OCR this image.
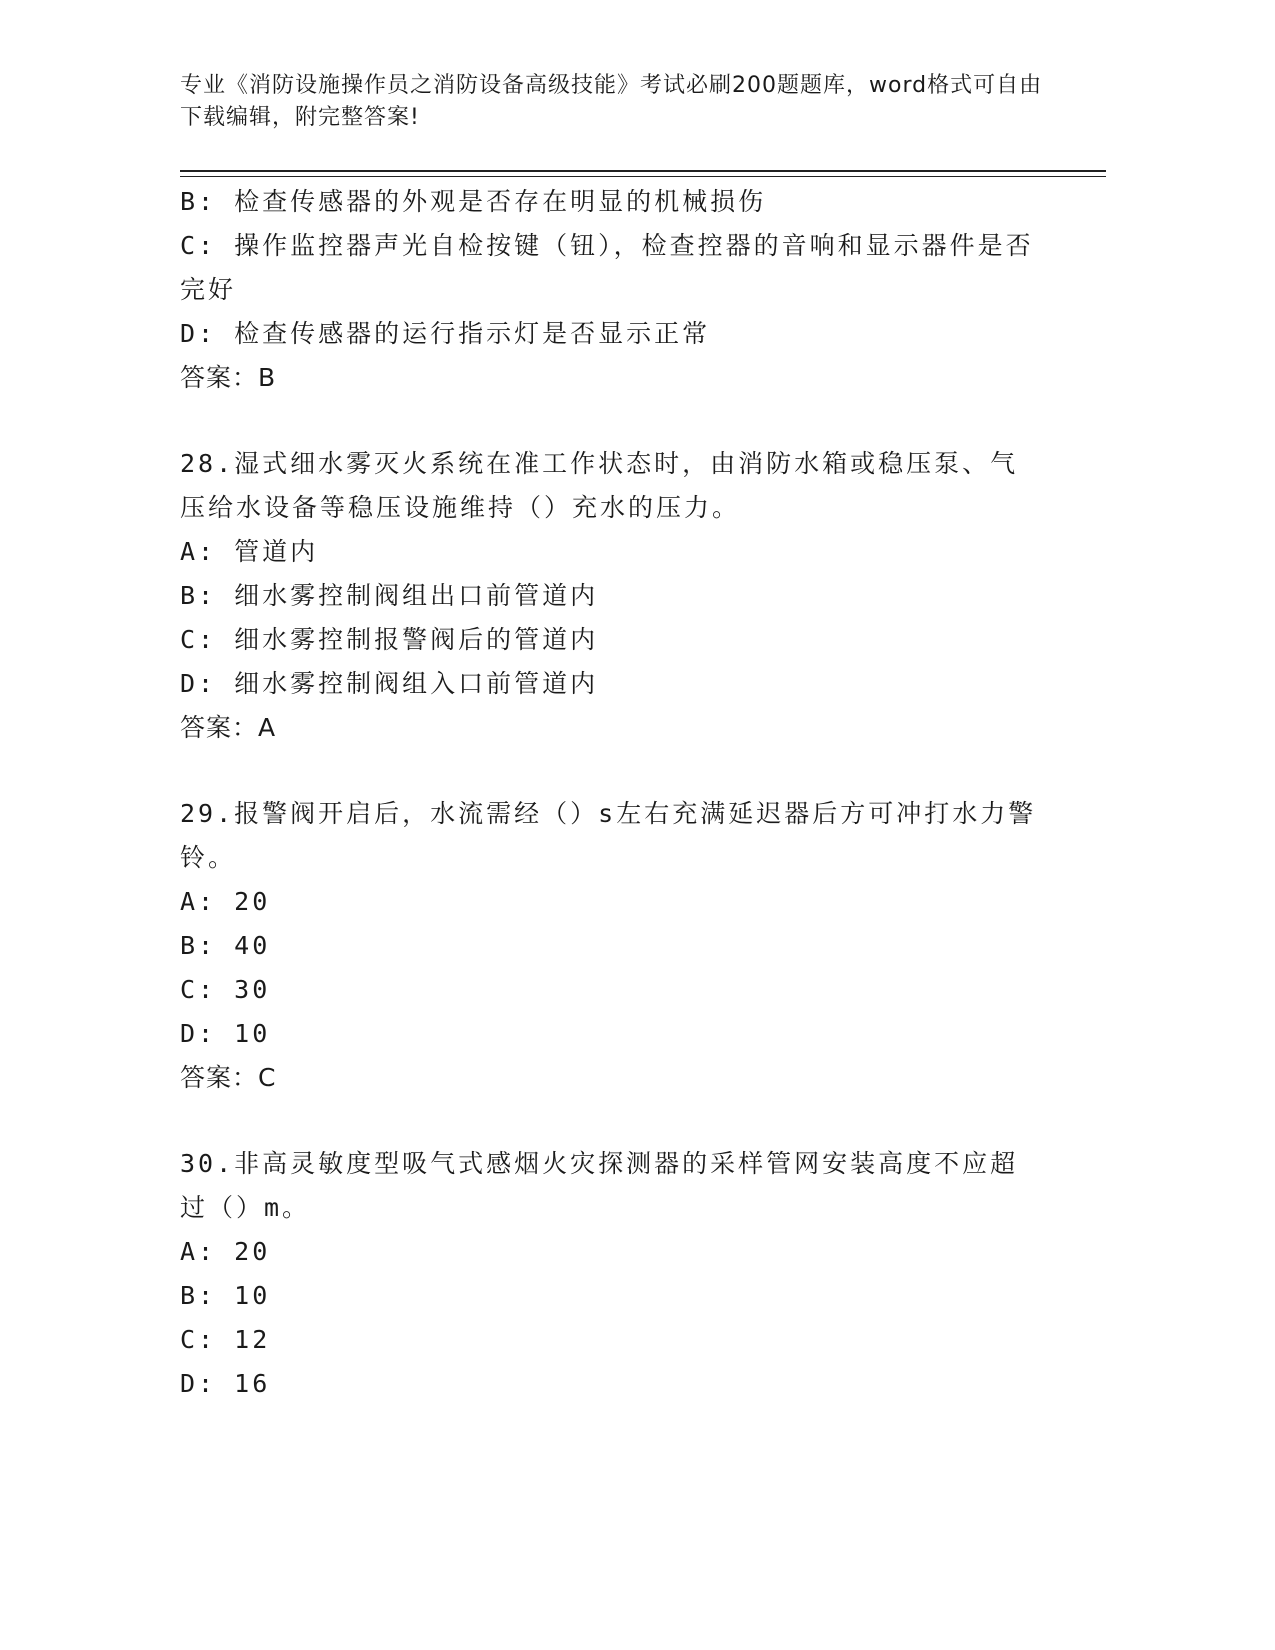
专业《消防设施操作员之消防设备高级技能》考试必刷200题题库，word格式可自由下载编辑，附完整答案!
B: 检查传感器的外观是否存在明显的机械损伤
C: 操作监控器声光自检按键（钮），检查控器的音响和显示器件是否完好
D: 检查传感器的运行指示灯是否显示正常
答案：B
28.湿式细水雾灭火系统在准工作状态时，由消防水箱或稳压泵、气压给水设备等稳压设施维持（）充水的压力。
A: 管道内
B: 细水雾控制阀组出口前管道内
C: 细水雾控制报警阀后的管道内
D: 细水雾控制阀组入口前管道内
答案：A
29.报警阀开启后，水流需经（）s左右充满延迟器后方可冲打水力警铃。
A: 20
B: 40
C: 30
D: 10
答案：C
30.非高灵敏度型吸气式感烟火灾探测器的采样管网安装高度不应超过（）m。
A: 20
B: 10
C: 12
D: 16
